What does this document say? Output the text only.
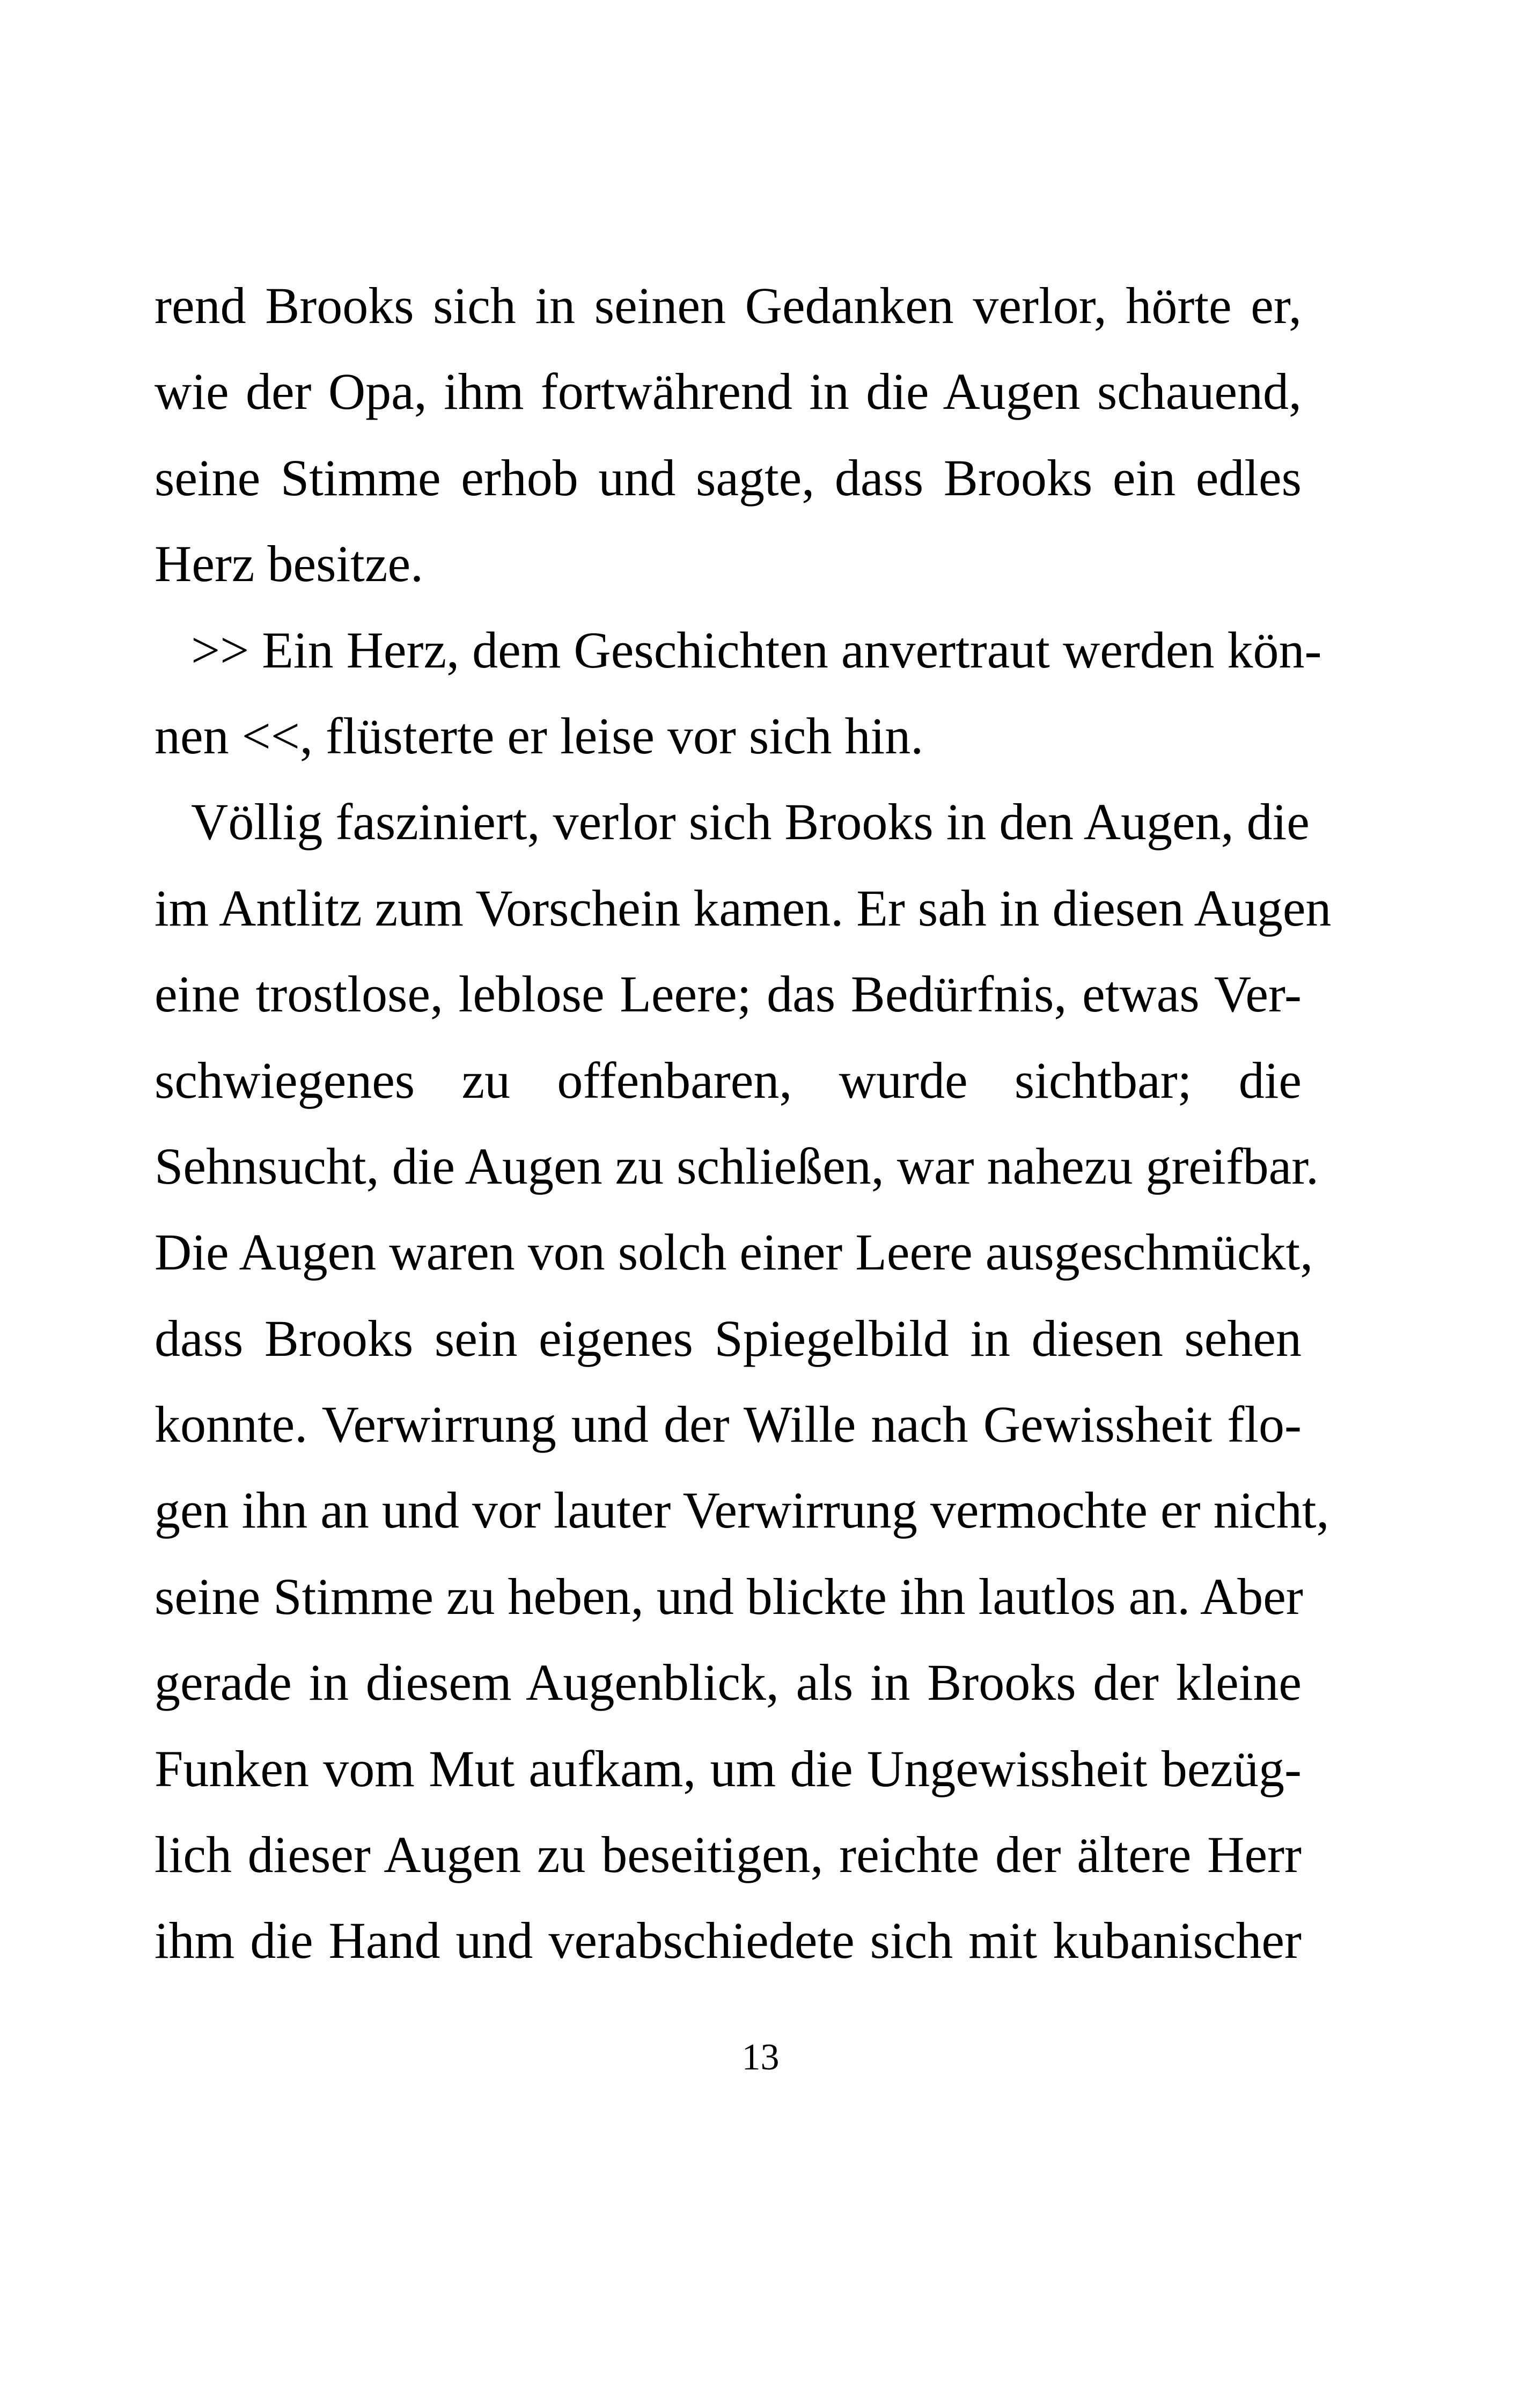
rend Brooks sich in seinen Gedanken verlor, hörte er,
wie der Opa, ihm fortwährend in die Augen schauend,
seine Stimme erhob und sagte, dass Brooks ein edles
Herz besitze.
>> Ein Herz, dem Geschichten anvertraut werden kön-
nen <<, flüsterte er leise vor sich hin.
Völlig fasziniert, verlor sich Brooks in den Augen, die
im Antlitz zum Vorschein kamen. Er sah in diesen Augen
eine trostlose, leblose Leere; das Bedürfnis, etwas Ver-
schwiegenes zu offenbaren, wurde sichtbar; die
Sehnsucht, die Augen zu schließen, war nahezu greifbar.
Die Augen waren von solch einer Leere ausgeschmückt,
dass Brooks sein eigenes Spiegelbild in diesen sehen
konnte. Verwirrung und der Wille nach Gewissheit flo-
gen ihn an und vor lauter Verwirrung vermochte er nicht,
seine Stimme zu heben, und blickte ihn lautlos an. Aber
gerade in diesem Augenblick, als in Brooks der kleine
Funken vom Mut aufkam, um die Ungewissheit bezüg-
lich dieser Augen zu beseitigen, reichte der ältere Herr
ihm die Hand und verabschiedete sich mit kubanischer
13
